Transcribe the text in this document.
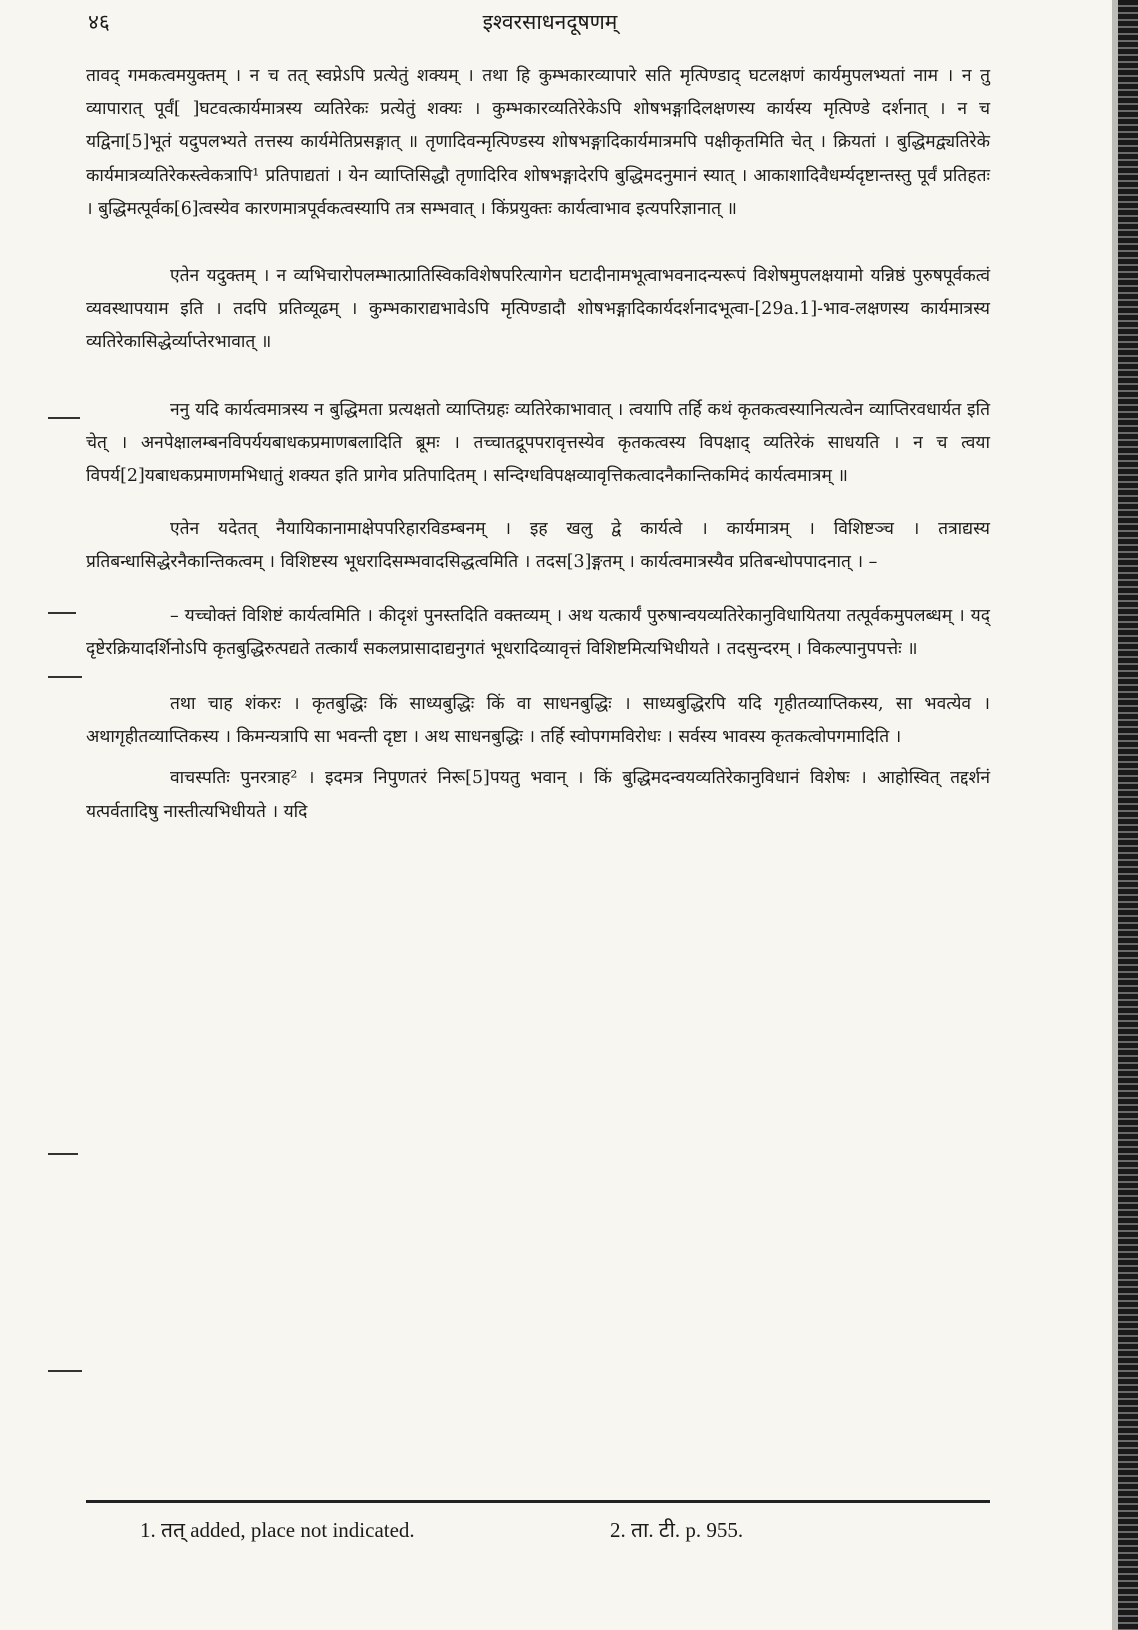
४६	इश्वरसाधनदूषणम्

तावद् गमकत्वमयुक्तम् । न च तत् स्वप्नेऽपि प्रत्येतुं शक्यम् । तथा हि कुम्भकारव्यापारे सति मृत्पिण्डाद् घटलक्षणं कार्यमुपलभ्यतां नाम । न तु व्यापारात् पूर्वं[ ]घटवत्कार्यमात्रस्य व्यतिरेकः प्रत्येतुं शक्यः । कुम्भकारव्यतिरेकेऽपि शोषभङ्गादिलक्षणस्य कार्यस्य मृत्पिण्डे दर्शनात् । न च यद्विना[5]भूतं यदुपलभ्यते तत्तस्य कार्यमेतिप्रसङ्गात् ॥ तृणादिवन्मृत्पिण्डस्य शोषभङ्गादिकार्यमात्रमपि पक्षीकृतमिति चेत् । क्रियतां । बुद्धिमद्व्यतिरेके कार्यमात्रव्यतिरेकस्त्वेकत्रापि¹ प्रतिपाद्यतां । येन व्याप्तिसिद्धौ तृणादिरिव शोषभङ्गादेरपि बुद्धिमदनुमानं स्यात् । आकाशादिवैधर्म्यदृष्टान्तस्तु पूर्वं प्रतिहतः । बुद्धिमत्पूर्वक[6]त्वस्येव कारणमात्रपूर्वकत्वस्यापि तत्र सम्भवात् । किंप्रयुक्तः कार्यत्वाभाव इत्यपरिज्ञानात् ॥

एतेन यदुक्तम् । न व्यभिचारोपलम्भात्प्रातिस्विकविशेषपरित्यागेन घटादीनामभूत्वाभवनादन्यरूपं विशेषमुपलक्षयामो यन्निष्ठं पुरुषपूर्वकत्वं व्यवस्थापयाम इति । तदपि प्रतिव्यूढम् । कुम्भकाराद्यभावेऽपि मृत्पिण्डादौ शोषभङ्गादिकार्यदर्शनादभूत्वा-[29a.1]-भाव-लक्षणस्य कार्यमात्रस्य व्यतिरेकासिद्धेर्व्याप्तेरभावात् ॥

ननु यदि कार्यत्वमात्रस्य न बुद्धिमता प्रत्यक्षतो व्याप्तिग्रहः व्यतिरेकाभावात् । त्वयापि तर्हि कथं कृतकत्वस्यानित्यत्वेन व्याप्तिरवधार्यत इति चेत् । अनपेक्षालम्बनविपर्ययबाधकप्रमाणबलादिति ब्रूमः । तच्चातद्रूपपरावृत्तस्येव कृतकत्वस्य विपक्षाद् व्यतिरेकं साधयति । न च त्वया विपर्य[2]यबाधकप्रमाणमभिधातुं शक्यत इति प्रागेव प्रतिपादितम् । सन्दिग्धविपक्षव्यावृत्तिकत्वादनैकान्तिकमिदं कार्यत्वमात्रम् ॥

एतेन यदेतत् नैयायिकानामाक्षेपपरिहारविडम्बनम् । इह खलु द्वे कार्यत्वे । कार्यमात्रम् । विशिष्टञ्च । तत्राद्यस्य प्रतिबन्धासिद्धेरनैकान्तिकत्वम् । विशिष्टस्य भूधरादिसम्भवादसिद्धत्वमिति । तदस[3]ङ्गतम् । कार्यत्वमात्रस्यैव प्रतिबन्धोपपादनात् । –

– यच्चोक्तं विशिष्टं कार्यत्वमिति । कीदृशं पुनस्तदिति वक्तव्यम् । अथ यत्कार्यं पुरुषान्वयव्यतिरेकानुविधायितया तत्पूर्वकमुपलब्धम् । यद् दृष्टेरक्रियादर्शिनोऽपि कृतबुद्धिरुत्पद्यते तत्कार्यं सकलप्रासादाद्यनुगतं भूधरादिव्यावृत्तं विशिष्टमित्यभिधीयते । तदसुन्दरम् । विकल्पानुपपत्तेः ॥

तथा चाह शंकरः । कृतबुद्धिः किं साध्यबुद्धिः किं वा साधनबुद्धिः । साध्यबुद्धिरपि यदि गृहीतव्याप्तिकस्य, सा भवत्येव । अथागृहीतव्याप्तिकस्य । किमन्यत्रापि सा भवन्ती दृष्टा । अथ साधनबुद्धिः । तर्हि स्वोपगमविरोधः । सर्वस्य भावस्य कृतकत्वोपगमादिति ।

वाचस्पतिः पुनरत्राह² । इदमत्र निपुणतरं निरू[5]पयतु भवान् । किं बुद्धिमदन्वयव्यतिरेकानुविधानं विशेषः । आहोस्वित् तद्दर्शनं यत्पर्वतादिषु नास्तीत्यभिधीयते । यदि

1. तत् added, place not indicated.	2. ता. टी. p. 955.
